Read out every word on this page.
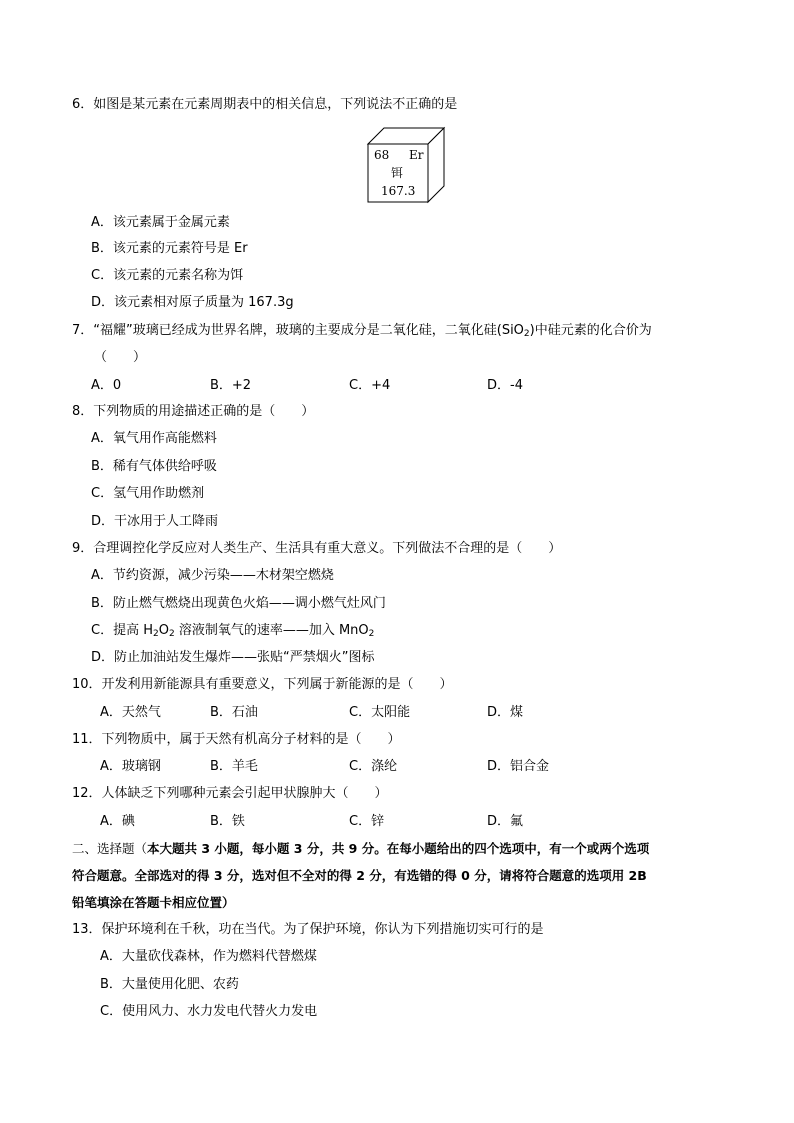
6．如图是某元素在元素周期表中的相关信息，下列说法不正确的是
68 Er
铒
167.3
A．该元素属于金属元素
B．该元素的元素符号是 Er
C．该元素的元素名称为饵
D．该元素相对原子质量为 167.3g
7．“福耀”玻璃已经成为世界名牌，玻璃的主要成分是二氧化硅，二氧化硅(SiO$_2$)中硅元素的化合价为
（　　）
A．0	B．+2	C．+4	D．-4
8．下列物质的用途描述正确的是（　　）
A．氧气用作高能燃料
B．稀有气体供给呼吸
C．氢气用作助燃剂
D．干冰用于人工降雨
9．合理调控化学反应对人类生产、生活具有重大意义。下列做法不合理的是（　　）
A．节约资源，减少污染——木材架空燃烧
B．防止燃气燃烧出现黄色火焰——调小燃气灶风门
C．提高 $H_2O_2$ 溶液制氧气的速率——加入 MnO$_2$
D．防止加油站发生爆炸——张贴“严禁烟火”图标
10．开发利用新能源具有重要意义，下列属于新能源的是（　　）
A．天然气	B．石油	C．太阳能	D．煤
11．下列物质中，属于天然有机高分子材料的是（　　）
A．玻璃钢	B．羊毛	C．涤纶	D．铝合金
12．人体缺乏下列哪种元素会引起甲状腺肿大（　　）
A．碘	B．铁	C．锌	D．氟
二、选择题（本大题共 3 小题，每小题 3 分，共 9 分。在每小题给出的四个选项中，有一个或两个选项
符合题意。全部选对的得 3 分，选对但不全对的得 2 分，有选错的得 0 分，请将符合题意的选项用 2B
铅笔填涂在答题卡相应位置）
13．保护环境利在千秋，功在当代。为了保护环境，你认为下列措施切实可行的是
A．大量砍伐森林，作为燃料代替燃煤
B．大量使用化肥、农药
C．使用风力、水力发电代替火力发电
